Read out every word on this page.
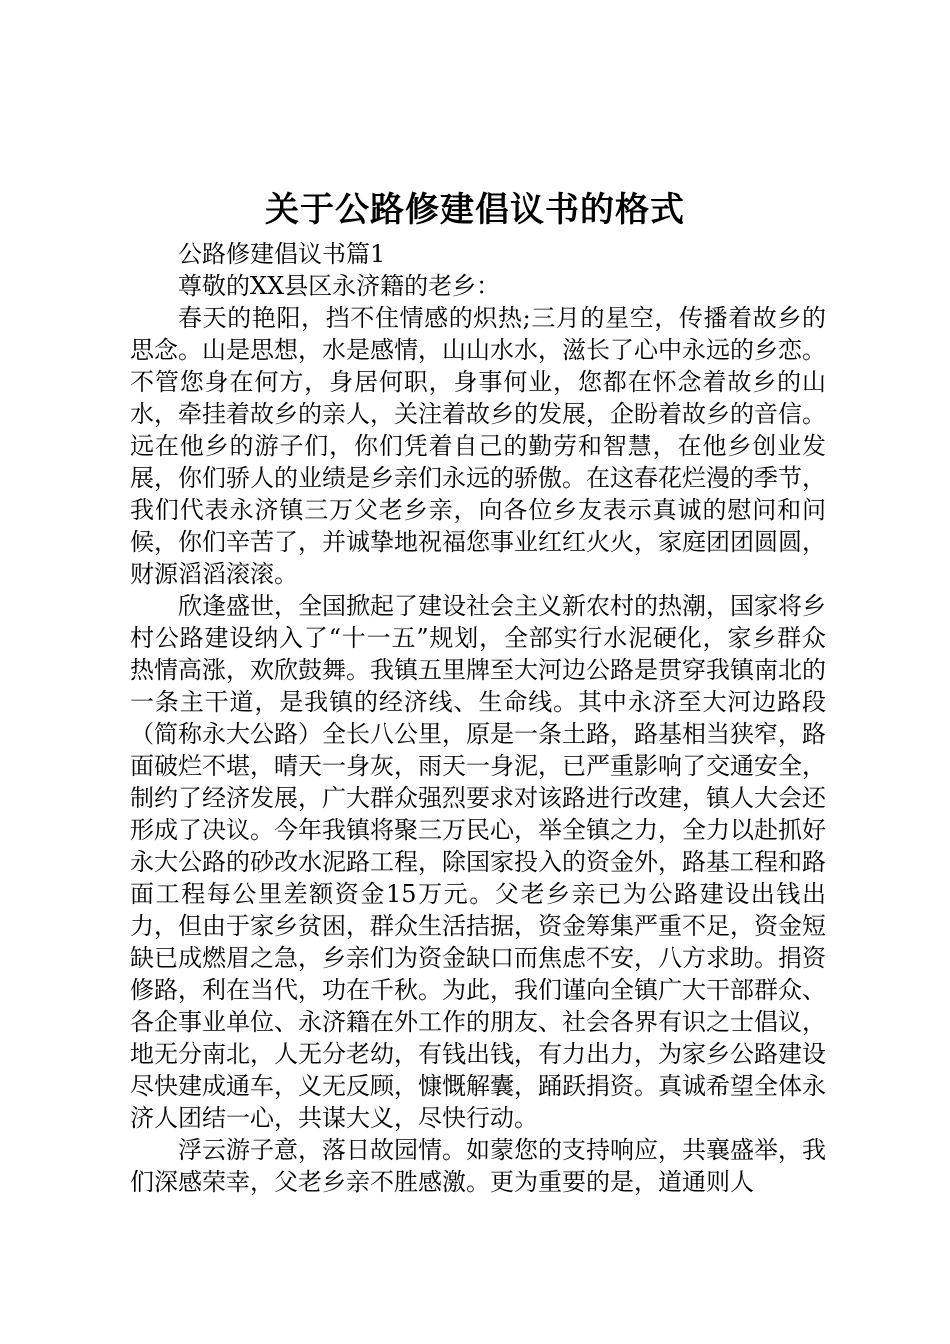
关于公路修建倡议书的格式

公路修建倡议书篇1

尊敬的XX县区永济籍的老乡：

春天的艳阳，挡不住情感的炽热;三月的星空，传播着故乡的思念。山是思想，水是感情，山山水水，滋长了心中永远的乡恋。不管您身在何方，身居何职，身事何业，您都在怀念着故乡的山水，牵挂着故乡的亲人，关注着故乡的发展，企盼着故乡的音信。远在他乡的游子们，你们凭着自己的勤劳和智慧，在他乡创业发展，你们骄人的业绩是乡亲们永远的骄傲。在这春花烂漫的季节，我们代表永济镇三万父老乡亲，向各位乡友表示真诚的慰问和问候，你们辛苦了，并诚挚地祝福您事业红红火火，家庭团团圆圆，财源滔滔滚滚。

欣逢盛世，全国掀起了建设社会主义新农村的热潮，国家将乡村公路建设纳入了“十一五”规划，全部实行水泥硬化，家乡群众热情高涨，欢欣鼓舞。我镇五里牌至大河边公路是贯穿我镇南北的一条主干道，是我镇的经济线、生命线。其中永济至大河边路段（简称永大公路）全长八公里，原是一条土路，路基相当狭窄，路面破烂不堪，晴天一身灰，雨天一身泥，已严重影响了交通安全，制约了经济发展，广大群众强烈要求对该路进行改建，镇人大会还形成了决议。今年我镇将聚三万民心，举全镇之力，全力以赴抓好永大公路的砂改水泥路工程，除国家投入的资金外，路基工程和路面工程每公里差额资金15万元。父老乡亲已为公路建设出钱出力，但由于家乡贫困，群众生活拮据，资金筹集严重不足，资金短缺已成燃眉之急，乡亲们为资金缺口而焦虑不安，八方求助。捐资修路，利在当代，功在千秋。为此，我们谨向全镇广大干部群众、各企事业单位、永济籍在外工作的朋友、社会各界有识之士倡议，地无分南北，人无分老幼，有钱出钱，有力出力，为家乡公路建设尽快建成通车，义无反顾，慷慨解囊，踊跃捐资。真诚希望全体永济人团结一心，共谋大义，尽快行动。

浮云游子意，落日故园情。如蒙您的支持响应，共襄盛举，我们深感荣幸，父老乡亲不胜感激。更为重要的是，道通则人
